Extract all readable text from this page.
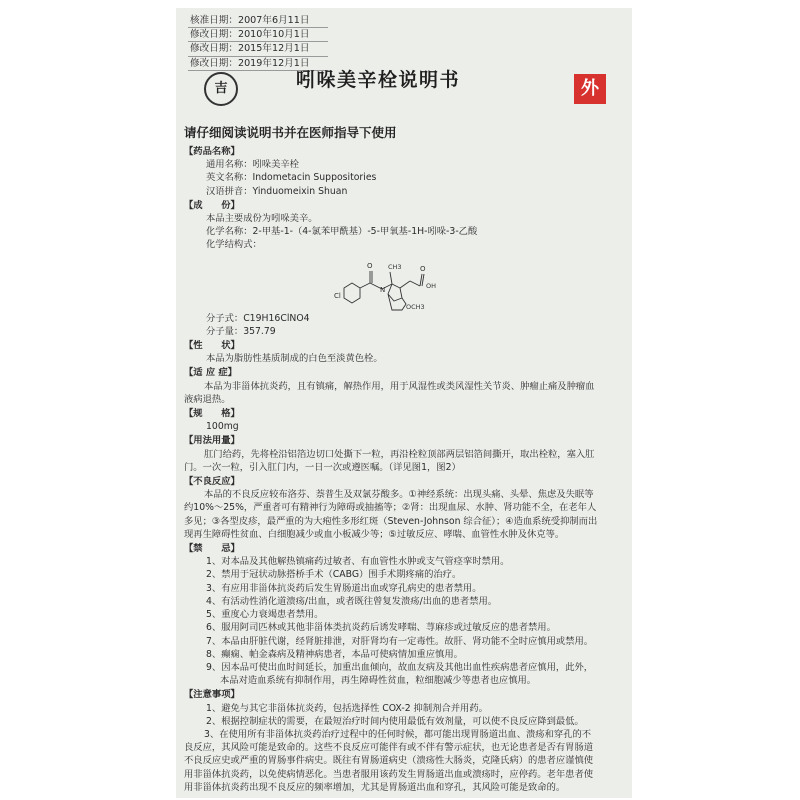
核准日期：2007年6月11日
修改日期：2010年10月1日
修改日期：2015年12月1日
修改日期：2019年12月1日
吉	吲哚美辛栓说明书	外
请仔细阅读说明书并在医师指导下使用
【药品名称】
通用名称：吲哚美辛栓
英文名称：Indometacin Suppositories
汉语拼音：Yinduomeixin Shuan
【成　　份】
本品主要成份为吲哚美辛。
化学名称：2-甲基-1-（4-氯苯甲酰基）-5-甲氧基-1H-吲哚-3-乙酸
化学结构式：
Cl
O
N
CH3	O
OH
OCH3
分子式：C19H16ClNO4
分子量：357.79
【性　　状】
本品为脂肪性基质制成的白色至淡黄色栓。
【适 应 症】
本品为非甾体抗炎药，且有镇痛，解热作用，用于风湿性或类风湿性关节炎、肿瘤止痛及肿瘤血
液病退热。
【规　　格】
100mg
【用法用量】
肛门给药，先将栓沿铝箔边切口处撕下一粒，再沿栓粒顶部两层铝箔间撕开，取出栓粒，塞入肛
门。一次一粒，引入肛门内，一日一次或遵医嘱。（详见图1，图2）
【不良反应】
本品的不良反应较布洛芬、萘普生及双氯芬酸多。①神经系统：出现头痛、头晕、焦虑及失眠等
约10%～25%，严重者可有精神行为障碍或抽搐等；②肾：出现血尿、水肿、肾功能不全，在老年人
多见；③各型皮疹，最严重的为大疱性多形红斑（Steven-Johnson 综合征）；④造血系统受抑制而出
现再生障碍性贫血、白细胞减少或血小板减少等；⑤过敏反应、哮喘、血管性水肿及休克等。
【禁　　忌】
1、对本品及其他解热镇痛药过敏者、有血管性水肿或支气管痉挛时禁用。
2、禁用于冠状动脉搭桥手术（CABG）围手术期疼痛的治疗。
3、有应用非甾体抗炎药后发生胃肠道出血或穿孔病史的患者禁用。
4、有活动性消化道溃疡/出血，或者既往曾复发溃疡/出血的患者禁用。
5、重度心力衰竭患者禁用。
6、服用阿司匹林或其他非甾体类抗炎药后诱发哮喘、荨麻疹或过敏反应的患者禁用。
7、本品由肝脏代谢，经肾脏排泄，对肝肾均有一定毒性。故肝、肾功能不全时应慎用或禁用。
8、癫痫、帕金森病及精神病患者，本品可使病情加重应慎用。
9、因本品可使出血时间延长，加重出血倾向，故血友病及其他出血性疾病患者应慎用，此外，
本品对造血系统有抑制作用，再生障碍性贫血，粒细胞减少等患者也应慎用。
【注意事项】
1、避免与其它非甾体抗炎药，包括选择性 COX-2 抑制剂合并用药。
2、根据控制症状的需要，在最短治疗时间内使用最低有效剂量，可以使不良反应降到最低。
3、在使用所有非甾体抗炎药治疗过程中的任何时候，都可能出现胃肠道出血、溃疡和穿孔的不
良反应，其风险可能是致命的。这些不良反应可能伴有或不伴有警示症状，也无论患者是否有胃肠道
不良反应史或严重的胃肠事件病史。既往有胃肠道病史（溃疡性大肠炎，克隆氏病）的患者应谨慎使
用非甾体抗炎药，以免使病情恶化。当患者服用该药发生胃肠道出血或溃疡时，应停药。老年患者使
用非甾体抗炎药出现不良反应的频率增加，尤其是胃肠道出血和穿孔，其风险可能是致命的。
